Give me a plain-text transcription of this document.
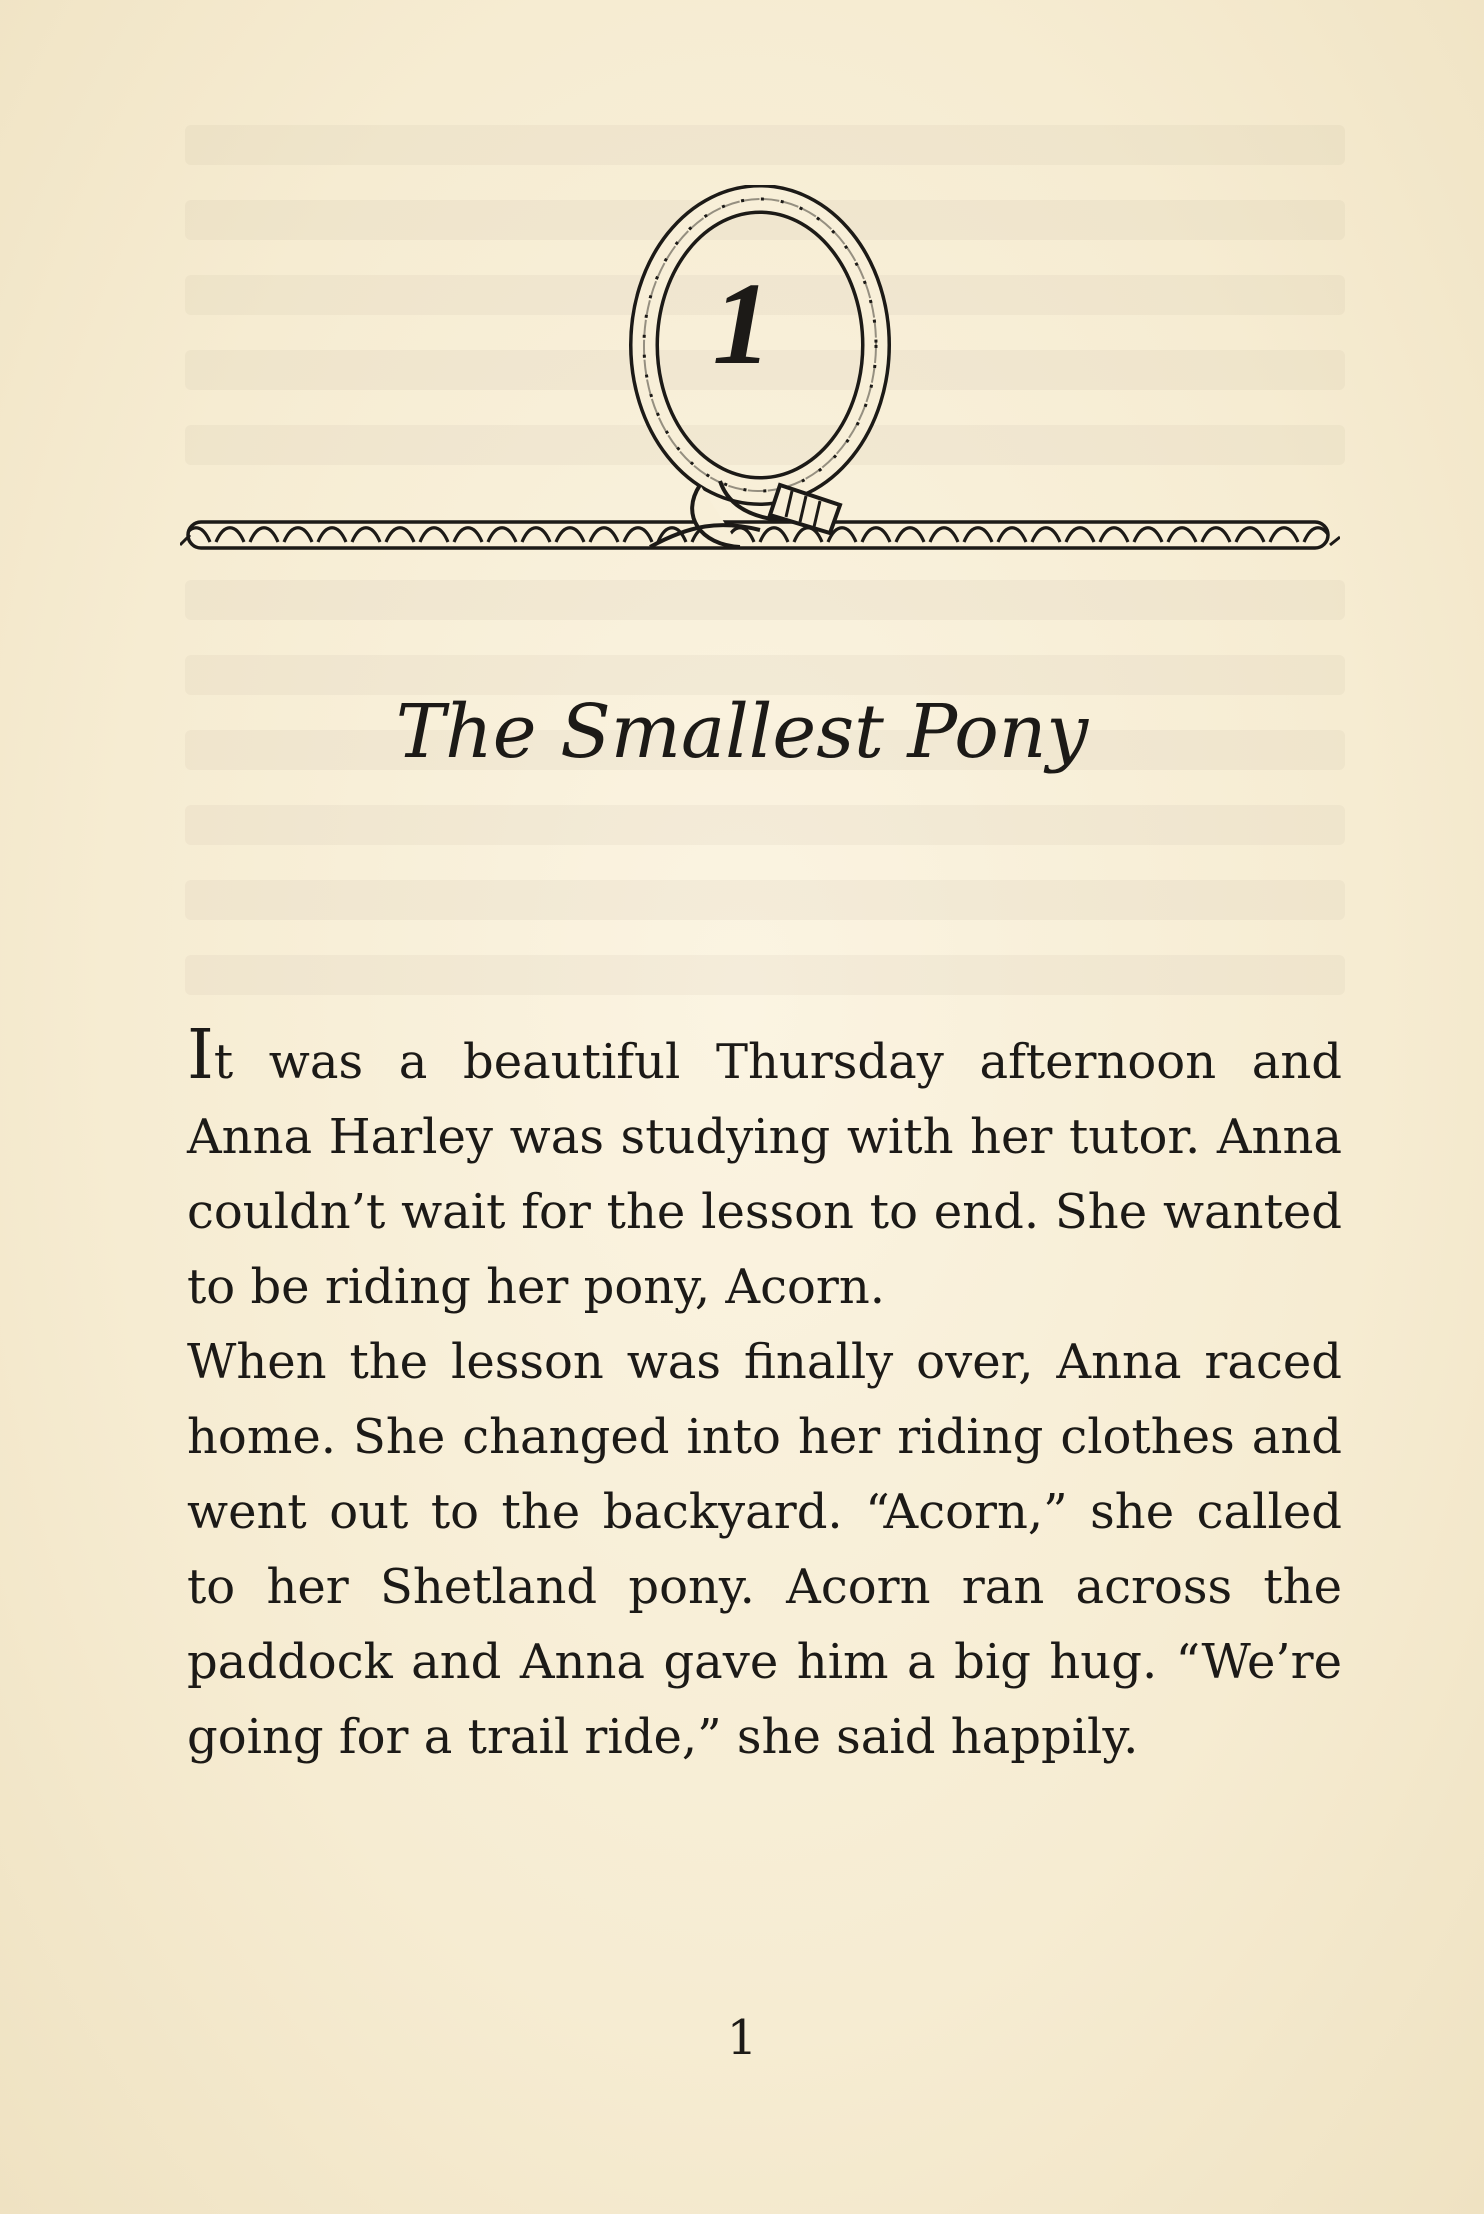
1
The Smallest Pony

It was a beautiful Thursday afternoon and Anna Harley was studying with her tutor. Anna couldn’t wait for the lesson to end. She wanted to be riding her pony, Acorn.

When the lesson was finally over, Anna raced home. She changed into her riding clothes and went out to the backyard. “Acorn,” she called to her Shetland pony. Acorn ran across the paddock and Anna gave him a big hug. “We’re going for a trail ride,” she said happily.

1
